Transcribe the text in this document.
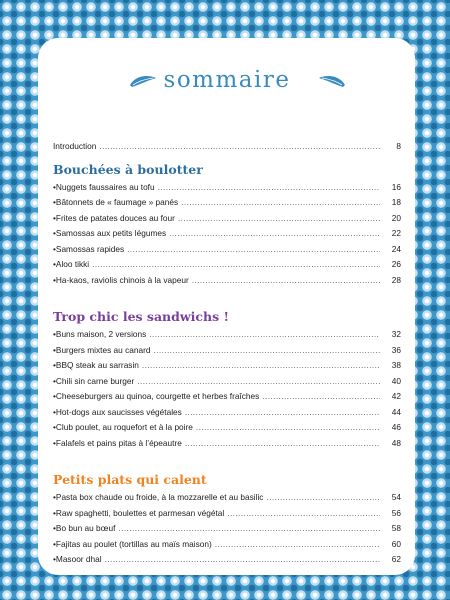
sommaire
Introduction .....	8
Bouchées à boulotter
• Nuggets faussaires au tofu .....	16
• Bâtonnets de « faumage » panés .....	18
• Frites de patates douces au four .....	20
• Samossas aux petits légumes .....	22
• Samossas rapides .....	24
• Aloo tikki .....	26
• Ha-kaos, raviolis chinois à la vapeur .....	28
Trop chic les sandwichs !
• Buns maison, 2 versions .....	32
• Burgers mixtes au canard .....	36
• BBQ steak au sarrasin .....	38
• Chili sin carne burger .....	40
• Cheeseburgers au quinoa, courgette et herbes fraîches .....	42
• Hot-dogs aux saucisses végétales .....	44
• Club poulet, au roquefort et à la poire .....	46
• Falafels et pains pitas à l’épeautre .....	48
Petits plats qui calent
• Pasta box chaude ou froide, à la mozzarelle et au basilic .....	54
• Raw spaghetti, boulettes et parmesan végétal .....	56
• Bo bun au bœuf .....	58
• Fajitas au poulet (tortillas au maïs maison) .....	60
• Masoor dhal .....	62
